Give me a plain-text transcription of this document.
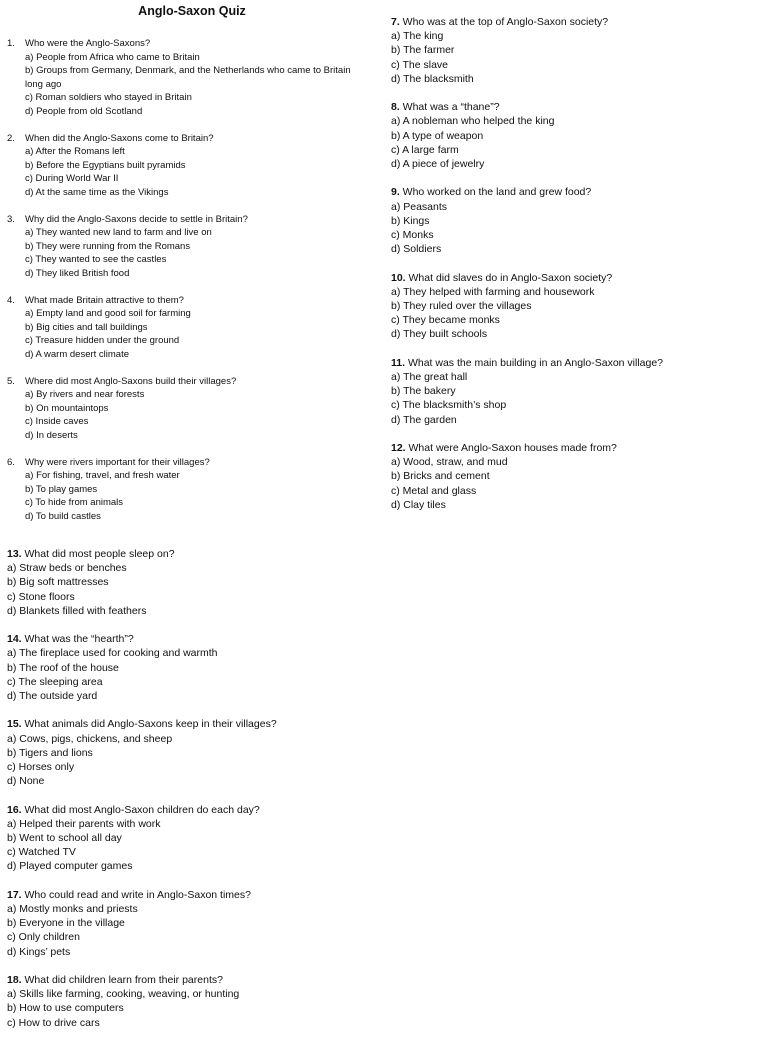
Anglo-Saxon Quiz
1.	Who were the Anglo-Saxons?
a) People from Africa who came to Britain
b) Groups from Germany, Denmark, and the Netherlands who came to Britain long ago
c) Roman soldiers who stayed in Britain
d) People from old Scotland
2.	When did the Anglo-Saxons come to Britain?
a) After the Romans left
b) Before the Egyptians built pyramids
c) During World War II
d) At the same time as the Vikings
3.	Why did the Anglo-Saxons decide to settle in Britain?
a) They wanted new land to farm and live on
b) They were running from the Romans
c) They wanted to see the castles
d) They liked British food
4.	What made Britain attractive to them?
a) Empty land and good soil for farming
b) Big cities and tall buildings
c) Treasure hidden under the ground
d) A warm desert climate
5.	Where did most Anglo-Saxons build their villages?
a) By rivers and near forests
b) On mountaintops
c) Inside caves
d) In deserts
6.	Why were rivers important for their villages?
a) For fishing, travel, and fresh water
b) To play games
c) To hide from animals
d) To build castles
7. Who was at the top of Anglo-Saxon society?
a) The king
b) The farmer
c) The slave
d) The blacksmith
8. What was a “thane”?
a) A nobleman who helped the king
b) A type of weapon
c) A large farm
d) A piece of jewelry
9. Who worked on the land and grew food?
a) Peasants
b) Kings
c) Monks
d) Soldiers
10. What did slaves do in Anglo-Saxon society?
a) They helped with farming and housework
b) They ruled over the villages
c) They became monks
d) They built schools
11. What was the main building in an Anglo-Saxon village?
a) The great hall
b) The bakery
c) The blacksmith’s shop
d) The garden
12. What were Anglo-Saxon houses made from?
a) Wood, straw, and mud
b) Bricks and cement
c) Metal and glass
d) Clay tiles
13. What did most people sleep on?
a) Straw beds or benches
b) Big soft mattresses
c) Stone floors
d) Blankets filled with feathers
14. What was the “hearth”?
a) The fireplace used for cooking and warmth
b) The roof of the house
c) The sleeping area
d) The outside yard
15. What animals did Anglo-Saxons keep in their villages?
a) Cows, pigs, chickens, and sheep
b) Tigers and lions
c) Horses only
d) None
16. What did most Anglo-Saxon children do each day?
a) Helped their parents with work
b) Went to school all day
c) Watched TV
d) Played computer games
17. Who could read and write in Anglo-Saxon times?
a) Mostly monks and priests
b) Everyone in the village
c) Only children
d) Kings’ pets
18. What did children learn from their parents?
a) Skills like farming, cooking, weaving, or hunting
b) How to use computers
c) How to drive cars
